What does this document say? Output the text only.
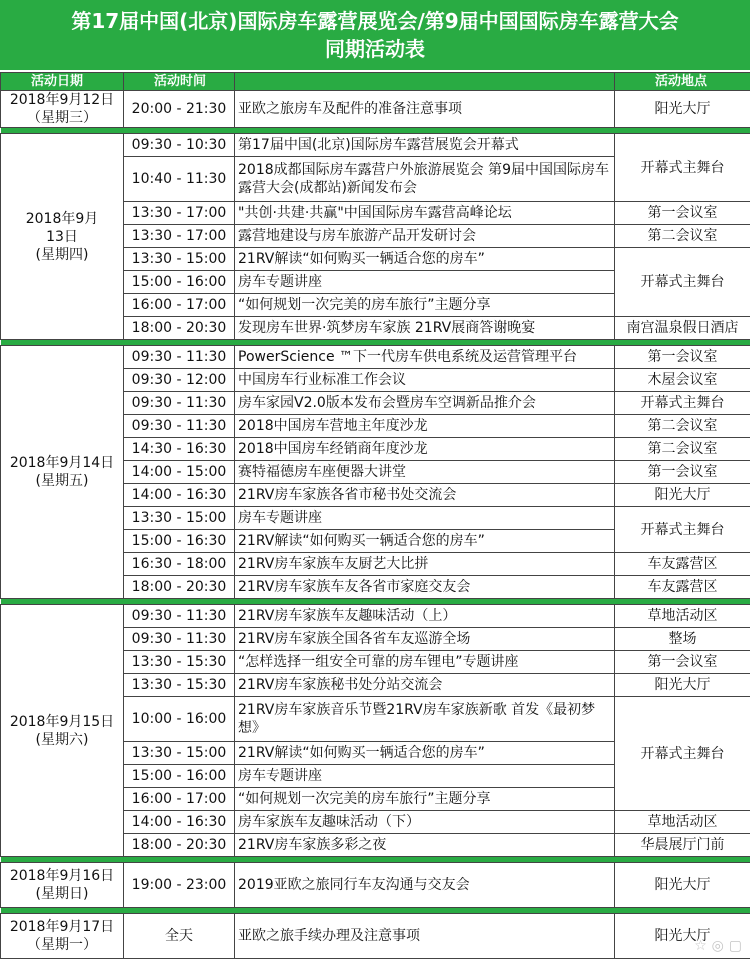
第17届中国(北京)国际房车露营展览会/第9届中国国际房车露营大会
同期活动表
活动日期	活动时间		活动地点

2018年9月12日
（星期三）	20:00 - 21:30	亚欧之旅房车及配件的准备注意事项	阳光大厅

2018年9月
13日
(星期四)	09:30 - 10:30	第17届中国(北京)国际房车露营展览会开幕式	开幕式主舞台
	10:40 - 11:30	2018成都国际房车露营户外旅游展览会 第9届中国国际房车露营大会(成都站)新闻发布会	
	13:30 - 17:00	"共创·共建·共赢"中国国际房车露营高峰论坛	第一会议室
	13:30 - 17:00	露营地建设与房车旅游产品开发研讨会	第二会议室
	13:30 - 15:00	21RV解读“如何购买一辆适合您的房车”	开幕式主舞台
	15:00 - 16:00	房车专题讲座	
	16:00 - 17:00	“如何规划一次完美的房车旅行”主题分享	
	18:00 - 20:30	发现房车世界·筑梦房车家族 21RV展商答谢晚宴	南宫温泉假日酒店

2018年9月14日
(星期五)	09:30 - 11:30	PowerScience ™下一代房车供电系统及运营管理平台	第一会议室
	09:30 - 12:00	中国房车行业标准工作会议	木屋会议室
	09:30 - 11:30	房车家园V2.0版本发布会暨房车空调新品推介会	开幕式主舞台
	09:30 - 11:30	2018中国房车营地主年度沙龙	第二会议室
	14:30 - 16:30	2018中国房车经销商年度沙龙	第二会议室
	14:00 - 15:00	赛特福德房车座便器大讲堂	第一会议室
	14:00 - 16:30	21RV房车家族各省市秘书处交流会	阳光大厅
	13:30 - 15:00	房车专题讲座	开幕式主舞台
	15:00 - 16:30	21RV解读“如何购买一辆适合您的房车”	
	16:30 - 18:00	21RV房车家族车友厨艺大比拼	车友露营区
	18:00 - 20:30	21RV房车家族车友各省市家庭交友会	车友露营区

2018年9月15日
(星期六)	09:30 - 11:30	21RV房车家族车友趣味活动（上）	草地活动区
	09:30 - 11:30	21RV房车家族全国各省车友巡游全场	整场
	13:30 - 15:30	“怎样选择一组安全可靠的房车锂电”专题讲座	第一会议室
	13:30 - 15:30	21RV房车家族秘书处分站交流会	阳光大厅
	10:00 - 16:00	21RV房车家族音乐节暨21RV房车家族新歌 首发《最初梦想》	开幕式主舞台
	13:30 - 15:00	21RV解读“如何购买一辆适合您的房车”	
	15:00 - 16:00	房车专题讲座	
	16:00 - 17:00	“如何规划一次完美的房车旅行”主题分享	
	14:00 - 16:30	房车家族车友趣味活动（下）	草地活动区
	18:00 - 20:30	21RV房车家族多彩之夜	华晨展厅门前

2018年9月16日
(星期日)	19:00 - 23:00	2019亚欧之旅同行车友沟通与交友会	阳光大厅

2018年9月17日
（星期一）	全天	亚欧之旅手续办理及注意事项	阳光大厅
☆ ◎ ▢
